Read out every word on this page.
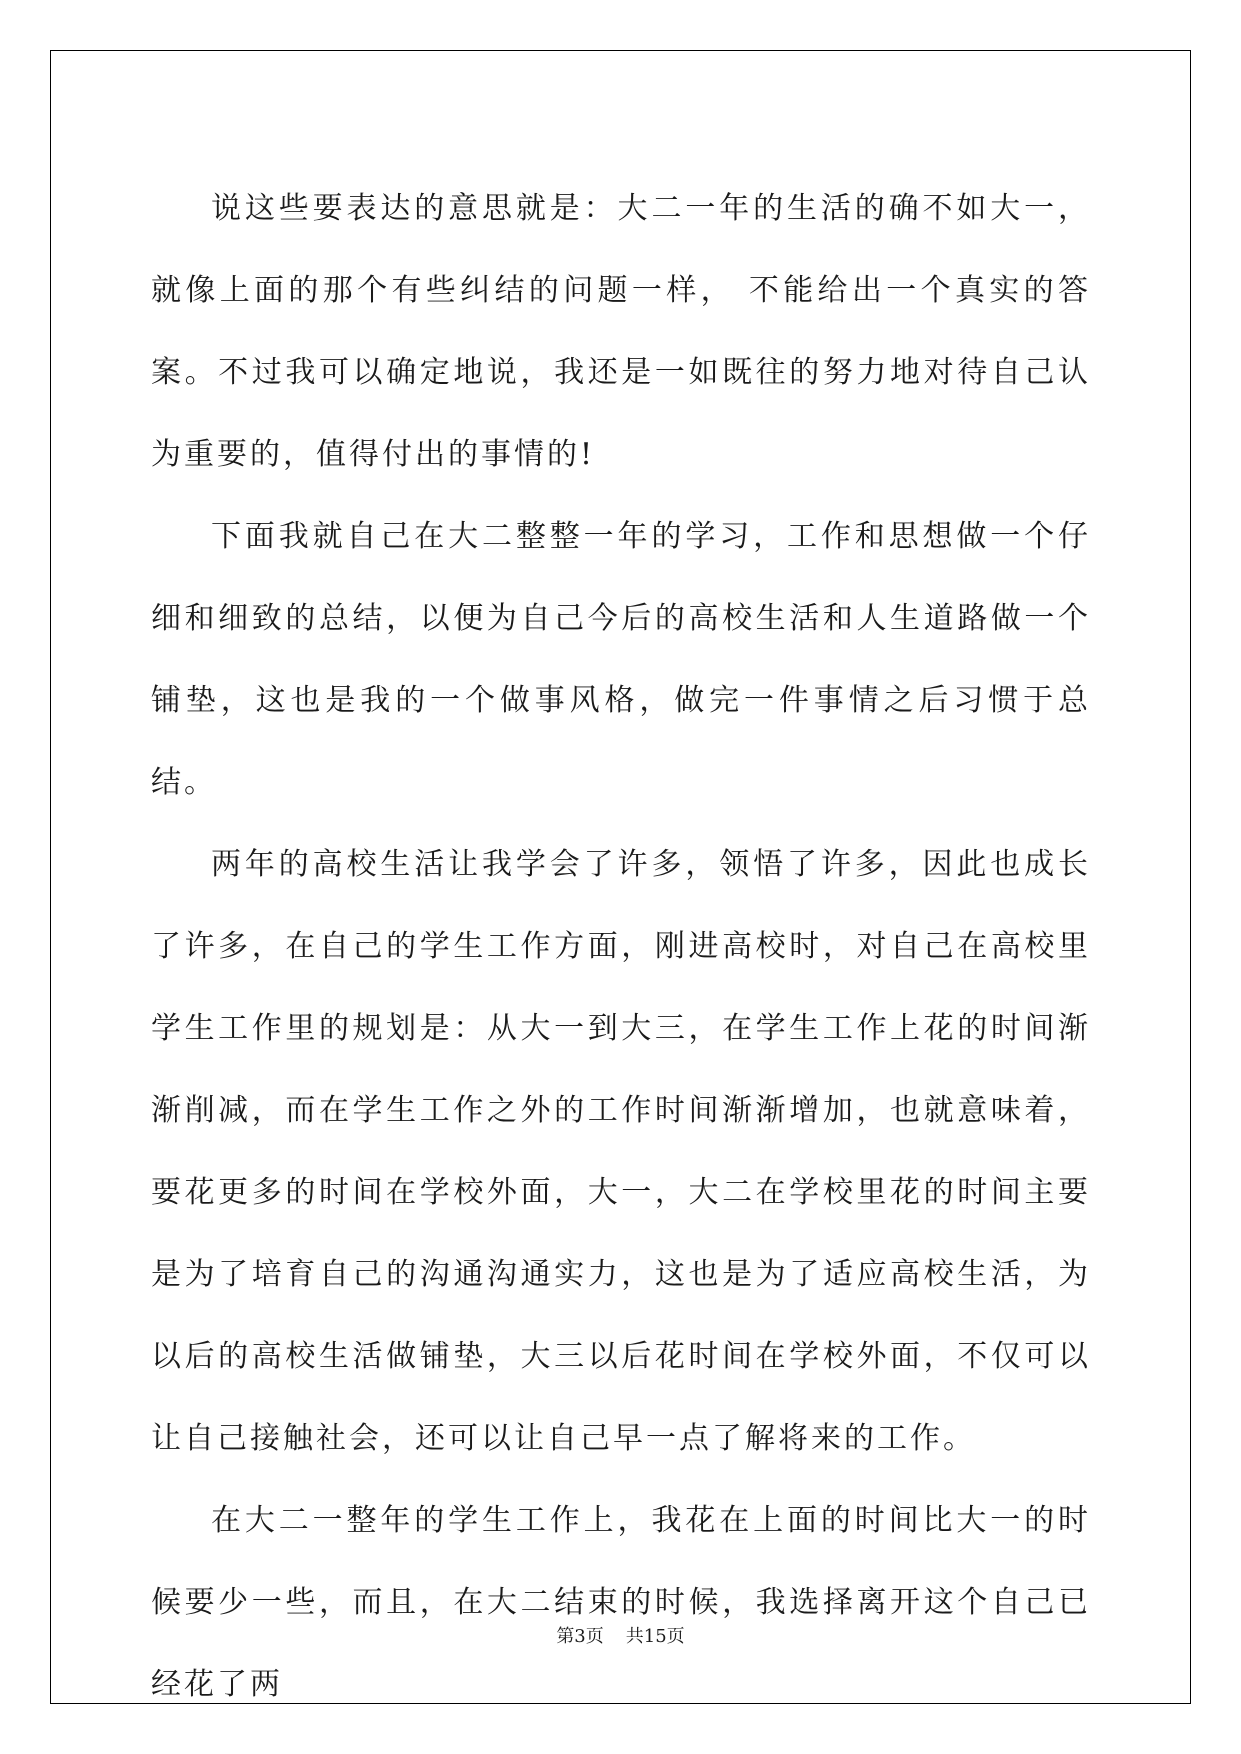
说这些要表达的意思就是：大二一年的生活的确不如大一，就像上面的那个有些纠结的问题一样， 不能给出一个真实的答案。不过我可以确定地说，我还是一如既往的努力地对待自己认为重要的，值得付出的事情的!

下面我就自己在大二整整一年的学习，工作和思想做一个仔细和细致的总结，以便为自己今后的高校生活和人生道路做一个铺垫，这也是我的一个做事风格，做完一件事情之后习惯于总结。

两年的高校生活让我学会了许多，领悟了许多，因此也成长了许多，在自己的学生工作方面，刚进高校时，对自己在高校里学生工作里的规划是：从大一到大三，在学生工作上花的时间渐渐削减，而在学生工作之外的工作时间渐渐增加，也就意味着，要花更多的时间在学校外面，大一，大二在学校里花的时间主要是为了培育自己的沟通沟通实力，这也是为了适应高校生活，为以后的高校生活做铺垫，大三以后花时间在学校外面，不仅可以让自己接触社会，还可以让自己早一点了解将来的工作。

在大二一整年的学生工作上，我花在上面的时间比大一的时候要少一些，而且，在大二结束的时候，我选择离开这个自己已经花了两

第3页 共15页
